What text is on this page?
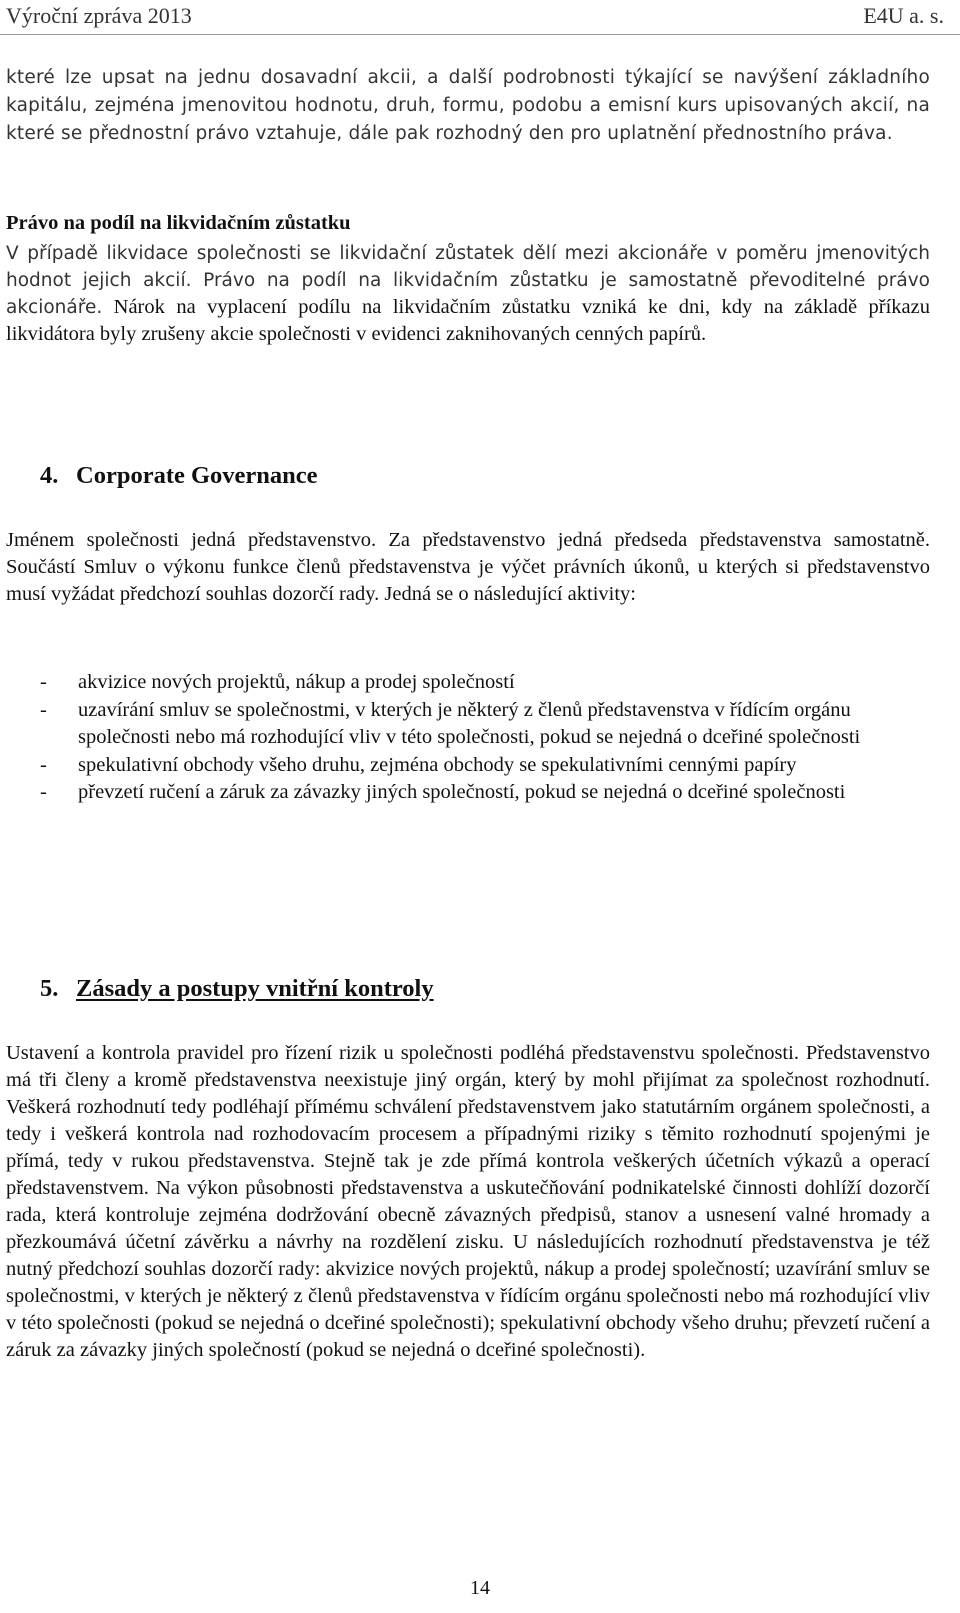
Výroční zpráva 2013	E4U a. s.

které lze upsat na jednu dosavadní akcii, a další podrobnosti týkající se navýšení základního kapitálu, zejména jmenovitou hodnotu, druh, formu, podobu a emisní kurs upisovaných akcií, na které se přednostní právo vztahuje, dále pak rozhodný den pro uplatnění přednostního práva.

Právo na podíl na likvidačním zůstatku

V případě likvidace společnosti se likvidační zůstatek dělí mezi akcionáře v poměru jmenovitých hodnot jejich akcií. Právo na podíl na likvidačním zůstatku je samostatně převoditelné právo akcionáře. Nárok na vyplacení podílu na likvidačním zůstatku vzniká ke dni, kdy na základě příkazu likvidátora byly zrušeny akcie společnosti v evidenci zaknihovaných cenných papírů.

4. Corporate Governance

Jménem společnosti jedná představenstvo. Za představenstvo jedná předseda představenstva samostatně. Součástí Smluv o výkonu funkce členů představenstva je výčet právních úkonů, u kterých si představenstvo musí vyžádat předchozí souhlas dozorčí rady. Jedná se o následující aktivity:

- akvizice nových projektů, nákup a prodej společností
- uzavírání smluv se společnostmi, v kterých je některý z členů představenstva v řídícím orgánu společnosti nebo má rozhodující vliv v této společnosti, pokud se nejedná o dceřiné společnosti
- spekulativní obchody všeho druhu, zejména obchody se spekulativními cennými papíry
- převzetí ručení a záruk za závazky jiných společností, pokud se nejedná o dceřiné společnosti
5. Zásady a postupy vnitřní kontroly

Ustavení a kontrola pravidel pro řízení rizik u společnosti podléhá představenstvu společnosti. Představenstvo má tři členy a kromě představenstva neexistuje jiný orgán, který by mohl přijímat za společnost rozhodnutí. Veškerá rozhodnutí tedy podléhají přímému schválení představenstvem jako statutárním orgánem společnosti, a tedy i veškerá kontrola nad rozhodovacím procesem a případnými riziky s těmito rozhodnutí spojenými je přímá, tedy v rukou představenstva. Stejně tak je zde přímá kontrola veškerých účetních výkazů a operací představenstvem. Na výkon působnosti představenstva a uskutečňování podnikatelské činnosti dohlíží dozorčí rada, která kontroluje zejména dodržování obecně závazných předpisů, stanov a usnesení valné hromady a přezkoumává účetní závěrku a návrhy na rozdělení zisku. U následujících rozhodnutí představenstva je též nutný předchozí souhlas dozorčí rady: akvizice nových projektů, nákup a prodej společností; uzavírání smluv se společnostmi, v kterých je některý z členů představenstva v řídícím orgánu společnosti nebo má rozhodující vliv v této společnosti (pokud se nejedná o dceřiné společnosti); spekulativní obchody všeho druhu; převzetí ručení a záruk za závazky jiných společností (pokud se nejedná o dceřiné společnosti).

14
